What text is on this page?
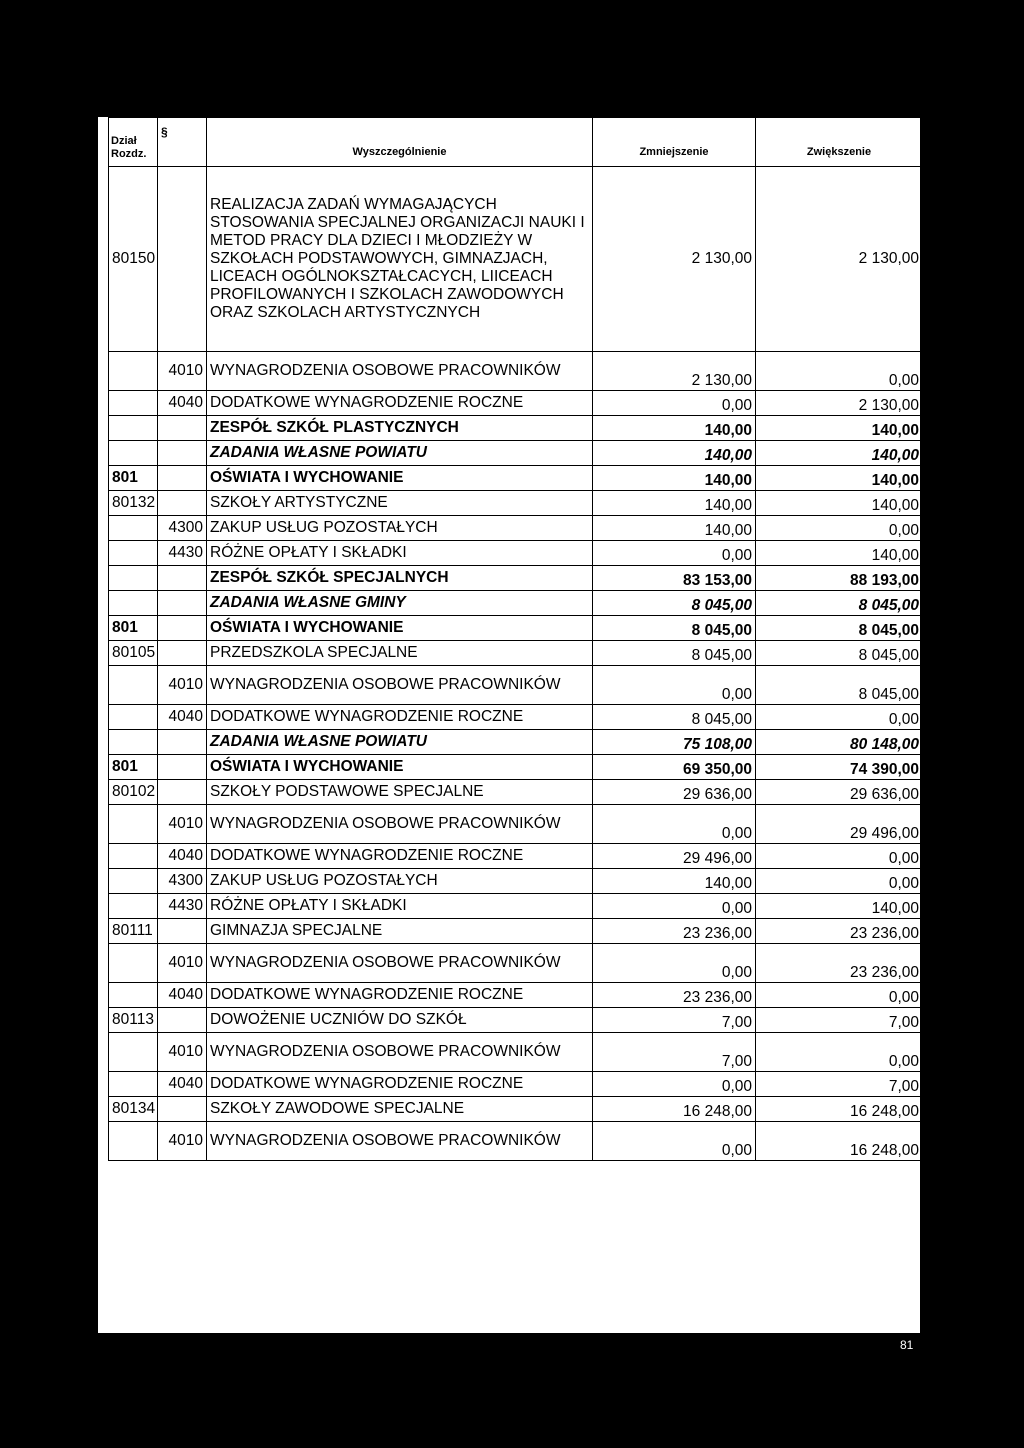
Dział Rozdz.	§	Wyszczególnienie	Zmniejszenie	Zwiększenie
80150		REALIZACJA ZADAŃ WYMAGAJĄCYCH STOSOWANIA SPECJALNEJ ORGANIZACJI NAUKI I METOD PRACY DLA DZIECI I MŁODZIEŻY W SZKOŁACH PODSTAWOWYCH, GIMNAZJACH, LICEACH OGÓLNOKSZTAŁCACYCH, LIICEACH PROFILOWANYCH I SZKOLACH ZAWODOWYCH ORAZ SZKOLACH ARTYSTYCZNYCH	2 130,00	2 130,00
	4010	WYNAGRODZENIA OSOBOWE PRACOWNIKÓW	2 130,00	0,00
	4040	DODATKOWE WYNAGRODZENIE ROCZNE	0,00	2 130,00
		ZESPÓŁ SZKÓŁ PLASTYCZNYCH	140,00	140,00
		ZADANIA WŁASNE POWIATU	140,00	140,00
801		OŚWIATA I WYCHOWANIE	140,00	140,00
80132		SZKOŁY ARTYSTYCZNE	140,00	140,00
	4300	ZAKUP USŁUG POZOSTAŁYCH	140,00	0,00
	4430	RÓŻNE OPŁATY I SKŁADKI	0,00	140,00
		ZESPÓŁ SZKÓŁ SPECJALNYCH	83 153,00	88 193,00
		ZADANIA WŁASNE GMINY	8 045,00	8 045,00
801		OŚWIATA I WYCHOWANIE	8 045,00	8 045,00
80105		PRZEDSZKOLA SPECJALNE	8 045,00	8 045,00
	4010	WYNAGRODZENIA OSOBOWE PRACOWNIKÓW	0,00	8 045,00
	4040	DODATKOWE WYNAGRODZENIE ROCZNE	8 045,00	0,00
		ZADANIA WŁASNE POWIATU	75 108,00	80 148,00
801		OŚWIATA I WYCHOWANIE	69 350,00	74 390,00
80102		SZKOŁY PODSTAWOWE SPECJALNE	29 636,00	29 636,00
	4010	WYNAGRODZENIA OSOBOWE PRACOWNIKÓW	0,00	29 496,00
	4040	DODATKOWE WYNAGRODZENIE ROCZNE	29 496,00	0,00
	4300	ZAKUP USŁUG POZOSTAŁYCH	140,00	0,00
	4430	RÓŻNE OPŁATY I SKŁADKI	0,00	140,00
80111		GIMNAZJA SPECJALNE	23 236,00	23 236,00
	4010	WYNAGRODZENIA OSOBOWE PRACOWNIKÓW	0,00	23 236,00
	4040	DODATKOWE WYNAGRODZENIE ROCZNE	23 236,00	0,00
80113		DOWOŻENIE UCZNIÓW DO SZKÓŁ	7,00	7,00
	4010	WYNAGRODZENIA OSOBOWE PRACOWNIKÓW	7,00	0,00
	4040	DODATKOWE WYNAGRODZENIE ROCZNE	0,00	7,00
80134		SZKOŁY ZAWODOWE SPECJALNE	16 248,00	16 248,00
	4010	WYNAGRODZENIA OSOBOWE PRACOWNIKÓW	0,00	16 248,00
81
